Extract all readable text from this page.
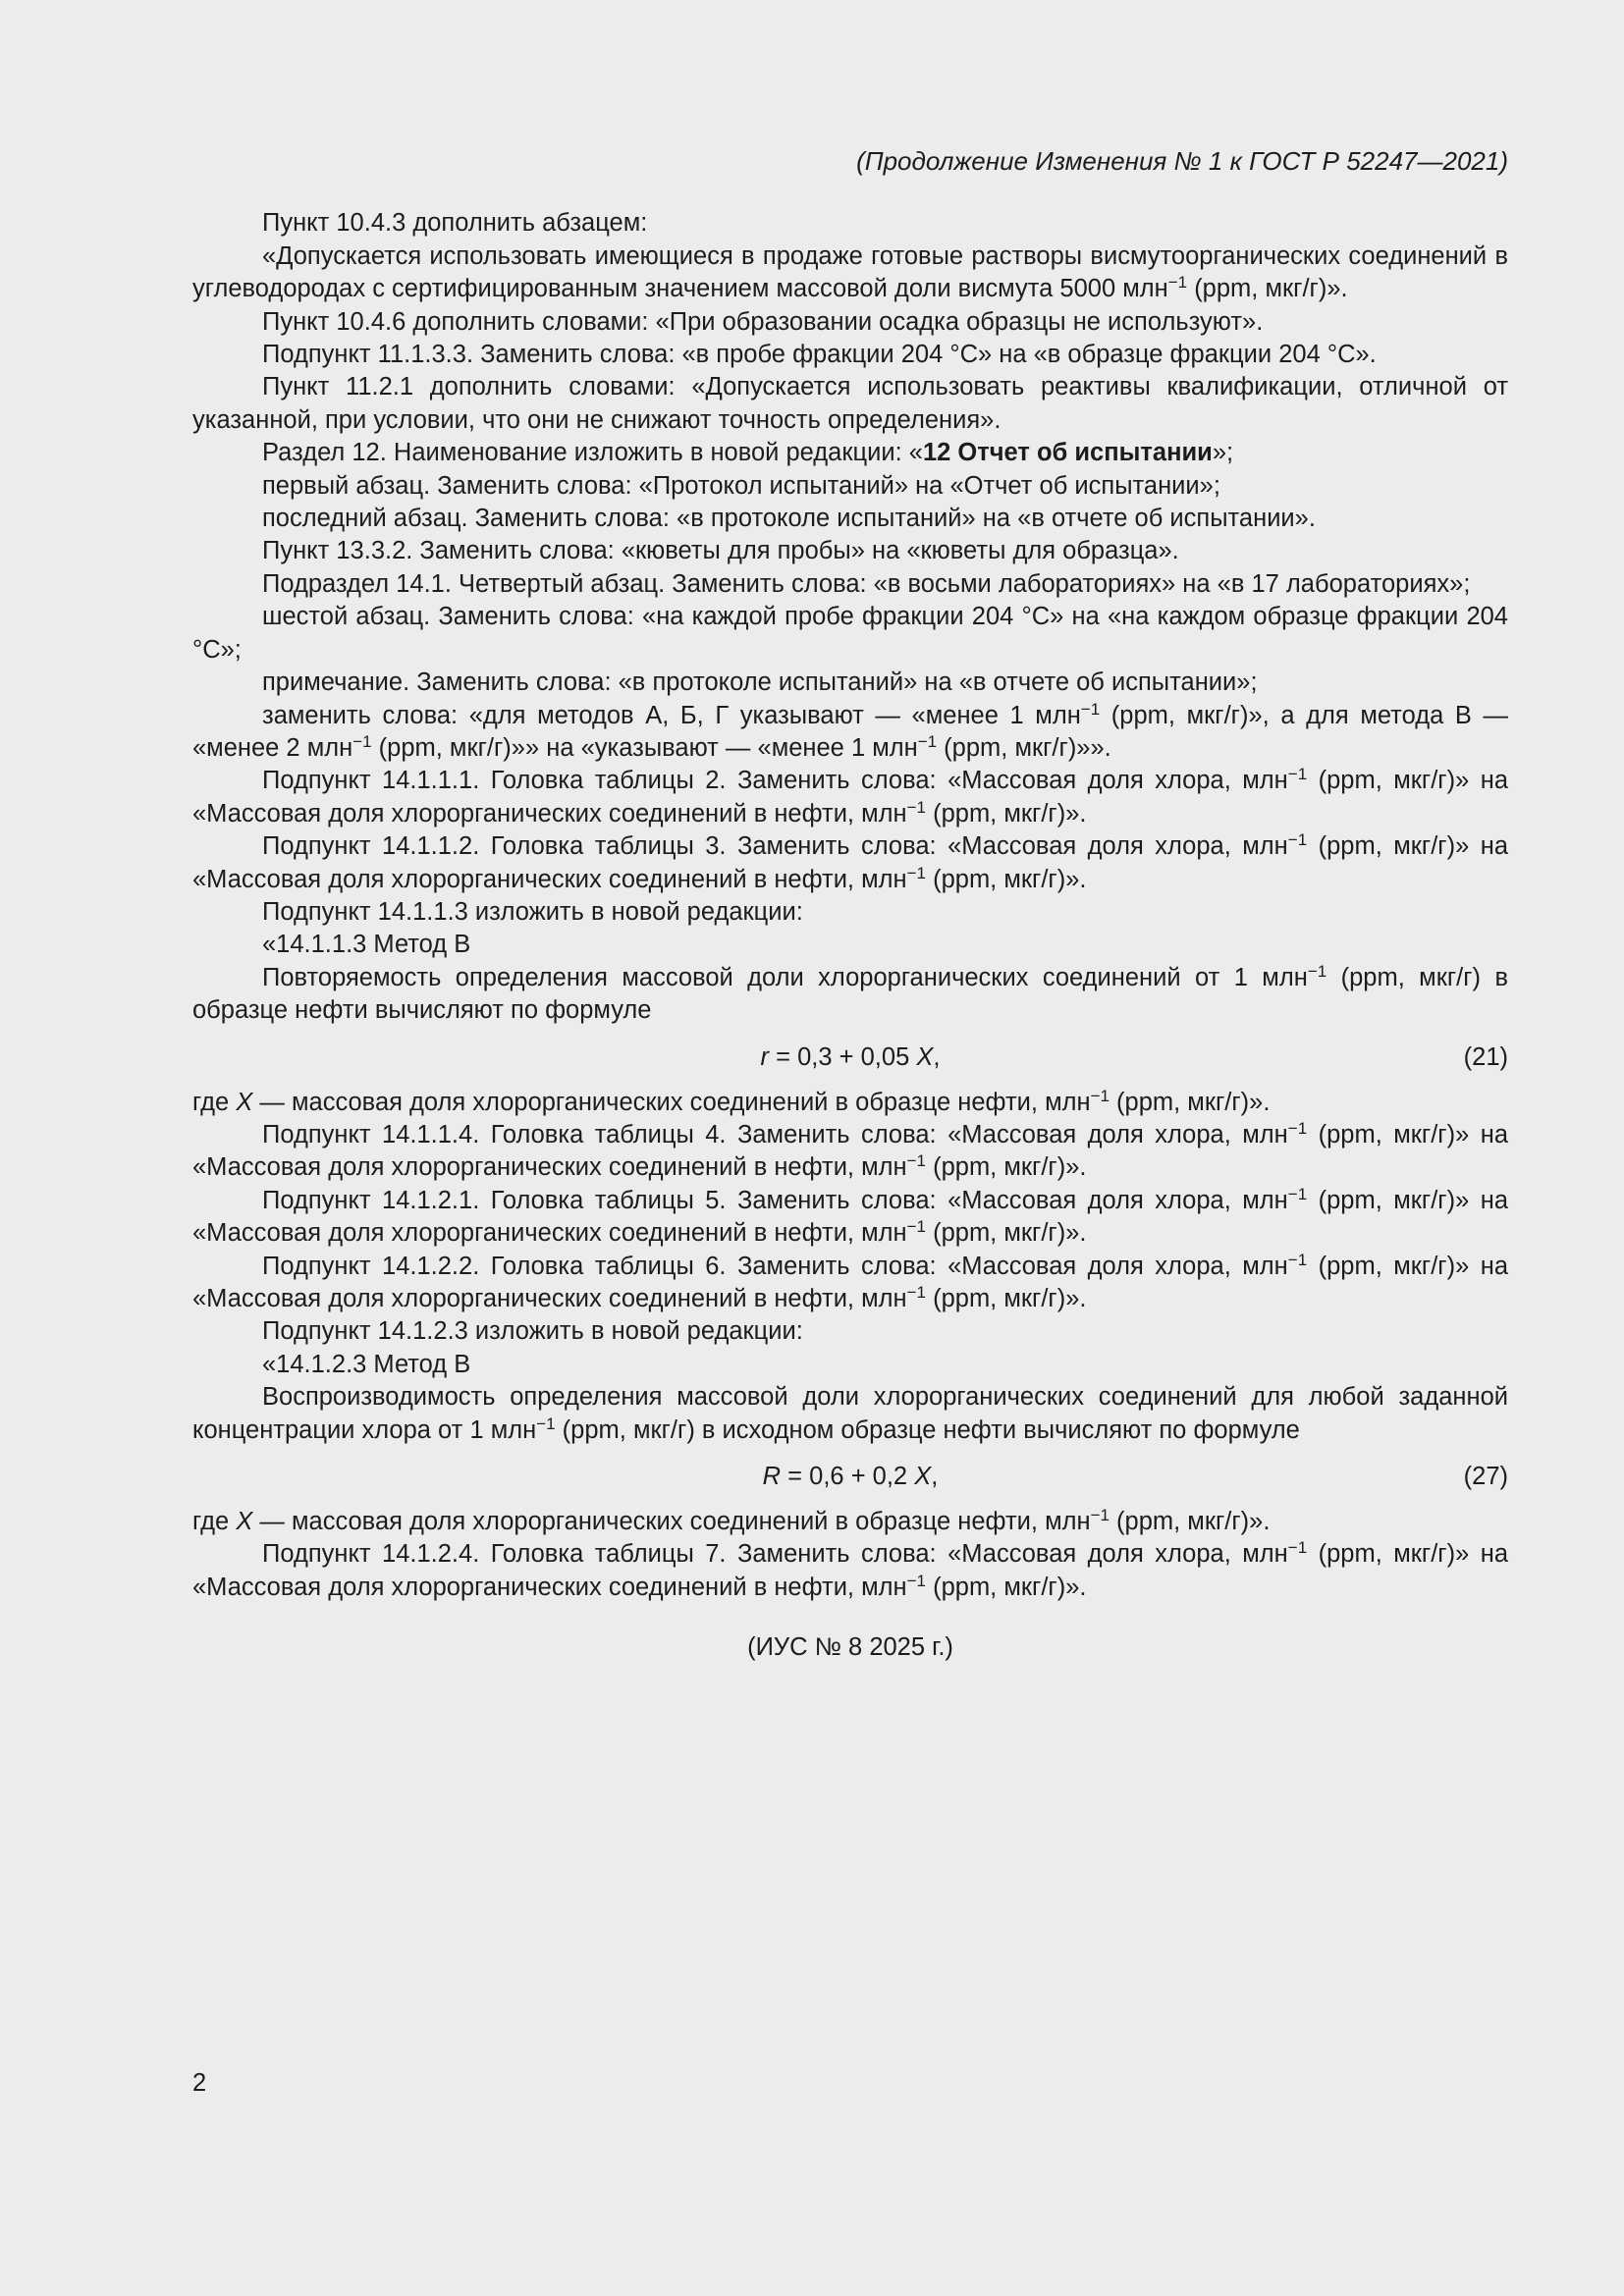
(Продолжение Изменения № 1 к ГОСТ Р 52247—2021)

Пункт 10.4.3 дополнить абзацем:

«Допускается использовать имеющиеся в продаже готовые растворы висмутоорганических соединений в углеводородах с сертифицированным значением массовой доли висмута 5000 млн$^{-1}$ (ppm, мкг/г)».

Пункт 10.4.6 дополнить словами: «При образовании осадка образцы не используют».

Подпункт 11.1.3.3. Заменить слова: «в пробе фракции 204 °С» на «в образце фракции 204 °С».

Пункт 11.2.1 дополнить словами: «Допускается использовать реактивы квалификации, отличной от указанной, при условии, что они не снижают точность определения».

Раздел 12. Наименование изложить в новой редакции: «12 Отчет об испытании»;

первый абзац. Заменить слова: «Протокол испытаний» на «Отчет об испытании»;

последний абзац. Заменить слова: «в протоколе испытаний» на «в отчете об испытании».

Пункт 13.3.2. Заменить слова: «кюветы для пробы» на «кюветы для образца».

Подраздел 14.1. Четвертый абзац. Заменить слова: «в восьми лабораториях» на «в 17 лабораториях»;

шестой абзац. Заменить слова: «на каждой пробе фракции 204 °С» на «на каждом образце фракции 204 °С»;

примечание. Заменить слова: «в протоколе испытаний» на «в отчете об испытании»;

заменить слова: «для методов А, Б, Г указывают — «менее 1 млн$^{-1}$ (ppm, мкг/г)», а для метода В — «менее 2 млн$^{-1}$ (ppm, мкг/г)»» на «указывают — «менее 1 млн$^{-1}$ (ppm, мкг/г)»».

Подпункт 14.1.1.1. Головка таблицы 2. Заменить слова: «Массовая доля хлора, млн$^{-1}$ (ppm, мкг/г)» на «Массовая доля хлорорганических соединений в нефти, млн$^{-1}$ (ppm, мкг/г)».

Подпункт 14.1.1.2. Головка таблицы 3. Заменить слова: «Массовая доля хлора, млн$^{-1}$ (ppm, мкг/г)» на «Массовая доля хлорорганических соединений в нефти, млн$^{-1}$ (ppm, мкг/г)».

Подпункт 14.1.1.3 изложить в новой редакции:

«14.1.1.3 Метод В

Повторяемость определения массовой доли хлорорганических соединений от 1 млн$^{-1}$ (ppm, мкг/г) в образце нефти вычисляют по формуле

r = 0,3 + 0,05 X,	(21)

где X — массовая доля хлорорганических соединений в образце нефти, млн$^{-1}$ (ppm, мкг/г)».

Подпункт 14.1.1.4. Головка таблицы 4. Заменить слова: «Массовая доля хлора, млн$^{-1}$ (ppm, мкг/г)» на «Массовая доля хлорорганических соединений в нефти, млн$^{-1}$ (ppm, мкг/г)».

Подпункт 14.1.2.1. Головка таблицы 5. Заменить слова: «Массовая доля хлора, млн$^{-1}$ (ppm, мкг/г)» на «Массовая доля хлорорганических соединений в нефти, млн$^{-1}$ (ppm, мкг/г)».

Подпункт 14.1.2.2. Головка таблицы 6. Заменить слова: «Массовая доля хлора, млн$^{-1}$ (ppm, мкг/г)» на «Массовая доля хлорорганических соединений в нефти, млн$^{-1}$ (ppm, мкг/г)».

Подпункт 14.1.2.3 изложить в новой редакции:

«14.1.2.3 Метод В

Воспроизводимость определения массовой доли хлорорганических соединений для любой заданной концентрации хлора от 1 млн$^{-1}$ (ppm, мкг/г) в исходном образце нефти вычисляют по формуле

R = 0,6 + 0,2 X,	(27)

где X — массовая доля хлорорганических соединений в образце нефти, млн$^{-1}$ (ppm, мкг/г)».

Подпункт 14.1.2.4. Головка таблицы 7. Заменить слова: «Массовая доля хлора, млн$^{-1}$ (ppm, мкг/г)» на «Массовая доля хлорорганических соединений в нефти, млн$^{-1}$ (ppm, мкг/г)».

(ИУС № 8 2025 г.)
2
